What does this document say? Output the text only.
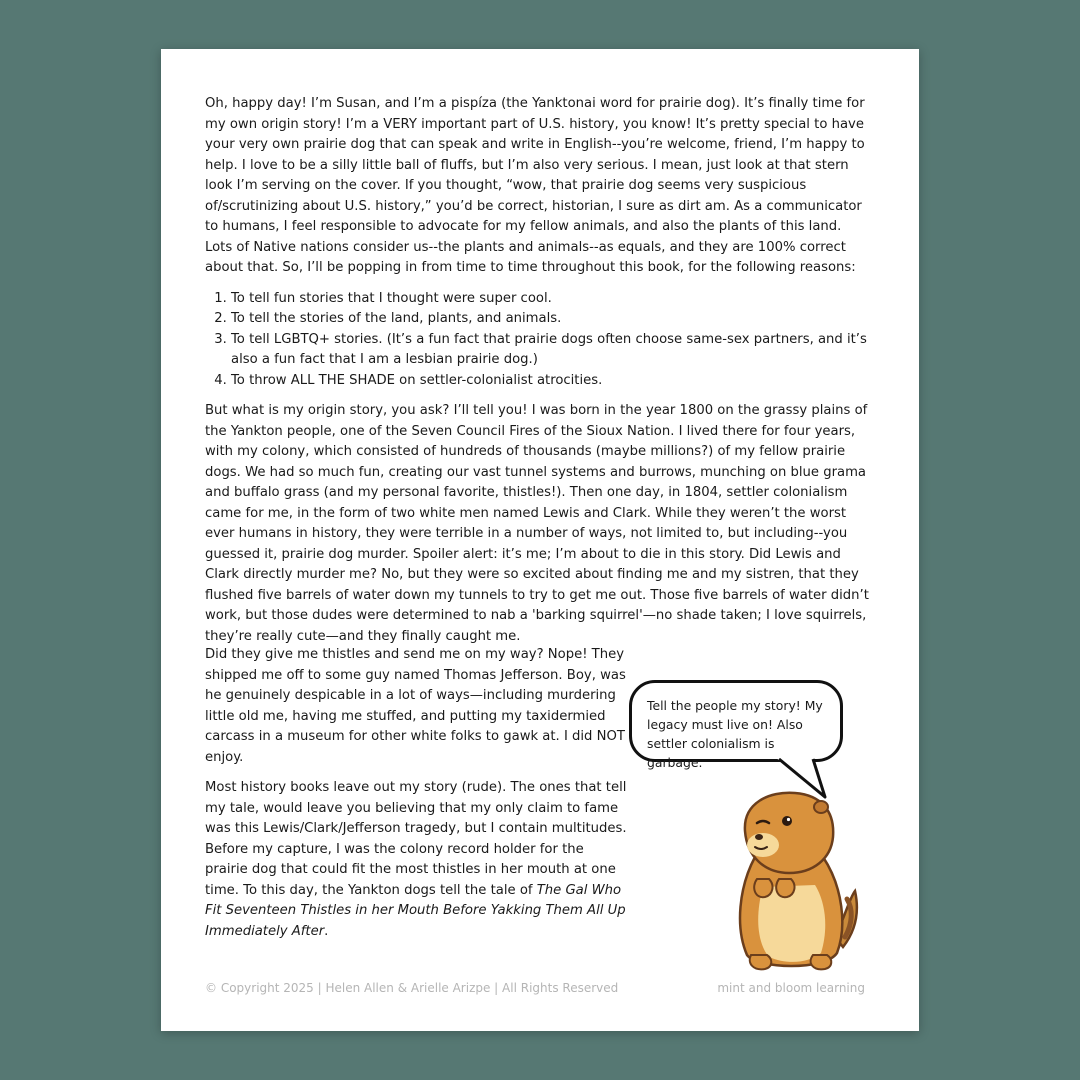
Oh, happy day! I’m Susan, and I’m a pispíza (the Yanktonai word for prairie dog). It’s finally time for my own origin story! I’m a VERY important part of U.S. history, you know! It’s pretty special to have your very own prairie dog that can speak and write in English--you’re welcome, friend, I’m happy to help. I love to be a silly little ball of fluffs, but I’m also very serious. I mean, just look at that stern look I’m serving on the cover. If you thought, “wow, that prairie dog seems very suspicious of/scrutinizing about U.S. history,” you’d be correct, historian, I sure as dirt am. As a communicator to humans, I feel responsible to advocate for my fellow animals, and also the plants of this land. Lots of Native nations consider us--the plants and animals--as equals, and they are 100% correct about that. So, I’ll be popping in from time to time throughout this book, for the following reasons:

1. To tell fun stories that I thought were super cool.
2. To tell the stories of the land, plants, and animals.
3. To tell LGBTQ+ stories. (It’s a fun fact that prairie dogs often choose same-sex partners, and it’s also a fun fact that I am a lesbian prairie dog.)
4. To throw ALL THE SHADE on settler-colonialist atrocities.

But what is my origin story, you ask? I’ll tell you! I was born in the year 1800 on the grassy plains of the Yankton people, one of the Seven Council Fires of the Sioux Nation. I lived there for four years, with my colony, which consisted of hundreds of thousands (maybe millions?) of my fellow prairie dogs. We had so much fun, creating our vast tunnel systems and burrows, munching on blue grama and buffalo grass (and my personal favorite, thistles!). Then one day, in 1804, settler colonialism came for me, in the form of two white men named Lewis and Clark. While they weren’t the worst ever humans in history, they were terrible in a number of ways, not limited to, but including--you guessed it, prairie dog murder. Spoiler alert: it’s me; I’m about to die in this story. Did Lewis and Clark directly murder me? No, but they were so excited about finding me and my sistren, that they flushed five barrels of water down my tunnels to try to get me out. Those five barrels of water didn’t work, but those dudes were determined to nab a 'barking squirrel'—no shade taken; I love squirrels, they’re really cute—and they finally caught me.

Did they give me thistles and send me on my way? Nope! They shipped me off to some guy named Thomas Jefferson. Boy, was he genuinely despicable in a lot of ways—including murdering little old me, having me stuffed, and putting my taxidermied carcass in a museum for other white folks to gawk at. I did NOT enjoy.

Most history books leave out my story (rude). The ones that tell my tale, would leave you believing that my only claim to fame was this Lewis/Clark/Jefferson tragedy, but I contain multitudes. Before my capture, I was the colony record holder for the prairie dog that could fit the most thistles in her mouth at one time. To this day, the Yankton dogs tell the tale of The Gal Who Fit Seventeen Thistles in her Mouth Before Yakking Them All Up Immediately After.

Tell the people my story! My legacy must live on! Also settler colonialism is garbage.
© Copyright 2025 | Helen Allen & Arielle Arizpe | All Rights Reserved	mint and bloom learning
